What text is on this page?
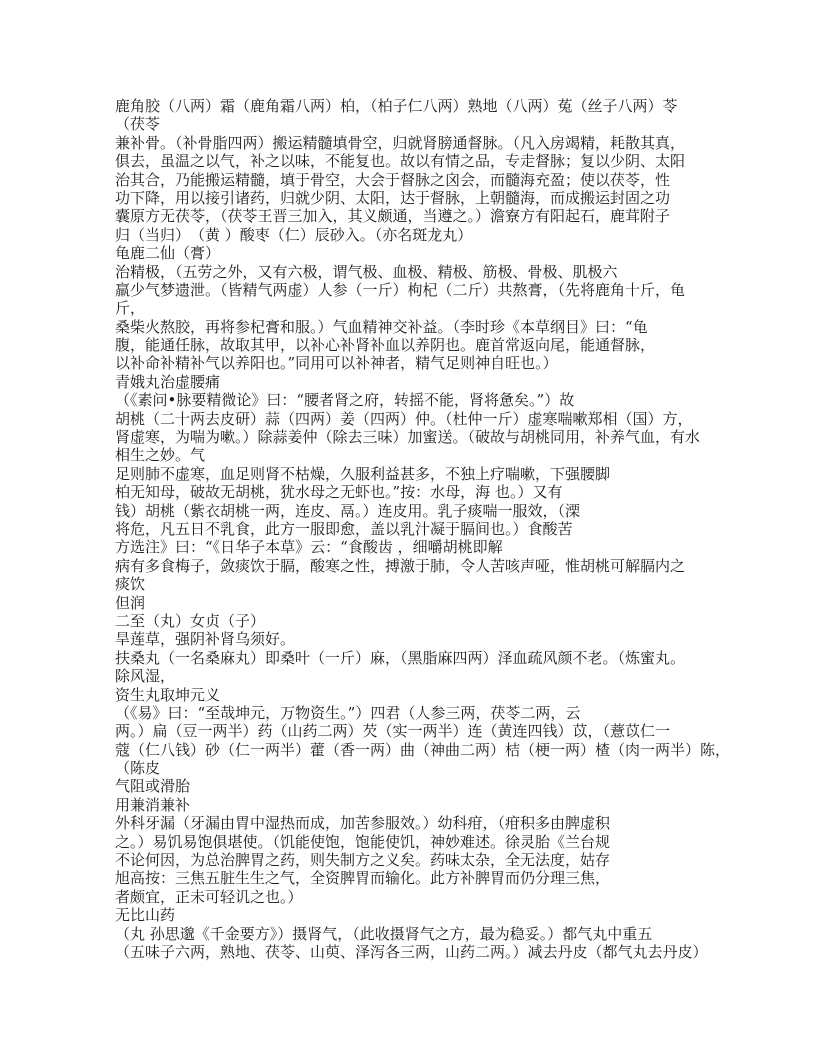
鹿角胶（八两）霜（鹿角霜八两）柏，（柏子仁八两）熟地（八两）菟（丝子八两）苓
（茯苓
兼补骨。（补骨脂四两）搬运精髓填骨空，归就肾膀通督脉。（凡入房竭精，耗散其真，
俱去，虽温之以气，补之以味，不能复也。故以有情之品，专走督脉；复以少阴、太阳
治其合，乃能搬运精髓，填于骨空，大会于督脉之囟会，而髓海充盈；使以茯苓，性
功下降，用以接引诸药，归就少阴、太阳，达于督脉，上朝髓海，而成搬运封固之功
囊原方无茯苓，（茯苓王晋三加入，其义颇通，当遵之。）澹寮方有阳起石，鹿茸附子
归（当归）　（黄 ）酸枣（仁）辰砂入。（亦名斑龙丸）
龟鹿二仙（膏）
治精极，（五劳之外，又有六极，谓气极、血极、精极、筋极、骨极、肌极六
羸少气梦遗泄。（皆精气两虚）人参（一斤）枸杞（二斤）共熬膏，（先将鹿角十斤，龟
斤，
桑柴火熬胶，再将参杞膏和服。）气血精神交补益。（李时珍《本草纲目》曰：“龟
腹，能通任脉，故取其甲，以补心补肾补血以养阴也。鹿首常返向尾，能通督脉，
以补命补精补气以养阳也。”同用可以补神者，精气足则神自旺也。）
青娥丸治虚腰痛
（《素问•脉要精微论》曰：“腰者肾之府，转摇不能，肾将惫矣。”）故
胡桃（二十两去皮研）蒜（四两）姜（四两）仲。（杜仲一斤）虚寒喘嗽郑相（国）方，
肾虚寒，为喘为嗽。）除蒜姜仲（除去三味）加蜜送。（破故与胡桃同用，补养气血，有水
相生之妙。气
足则肺不虚寒，血足则肾不枯燥，久服利益甚多，不独上疗喘嗽，下强腰脚
柏无知母，破故无胡桃，犹水母之无虾也。”按：水母，海 也。）又有
钱）胡桃（紫衣胡桃一两，连皮、鬲。）连皮用。乳子痰喘一服效，（溧
将危，凡五日不乳食，此方一服即愈，盖以乳汁凝于膈间也。）食酸苦
方选注》曰：“《日华子本草》云：“食酸齿 ，细嚼胡桃即解
病有多食梅子，敛痰饮于膈，酸寒之性，搏激于肺，令人苦咳声哑，惟胡桃可解膈内之
痰饮
但润
二至（丸）女贞（子）
旱莲草，强阴补肾乌须好。
扶桑丸（一名桑麻丸）即桑叶（一斤）麻，（黑脂麻四两）泽血疏风颜不老。（炼蜜丸。
除风湿，
资生丸取坤元义
（《易》曰：“至哉坤元，万物资生。”）四君（人参三两，茯苓二两，云
两。）扁（豆一两半）药（山药二两）芡（实一两半）连（黄连四钱）苡，（薏苡仁一
蔻（仁八钱）砂（仁一两半）藿（香一两）曲（神曲二两）桔（梗一两）楂（肉一两半）陈，
（陈皮
气阻或滑胎
用兼消兼补
外科牙漏（牙漏由胃中湿热而成，加苦参服效。）幼科疳，（疳积多由脾虚积
之。）易饥易饱俱堪使。（饥能使饱，饱能使饥，神妙难述。徐灵胎《兰台规
不论何因，为总治脾胃之药，则失制方之义矣。药味太杂，全无法度，姑存
旭高按：三焦五脏生生之气，全资脾胃而输化。此方补脾胃而仍分理三焦，
者颇宜，正未可轻讥之也。）
无比山药
（丸 孙思邈《千金要方》）摄肾气，（此收摄肾气之方，最为稳妥。）都气丸中重五
（五味子六两，熟地、茯苓、山萸、泽泻各三两，山药二两。）减去丹皮（都气丸去丹皮）
